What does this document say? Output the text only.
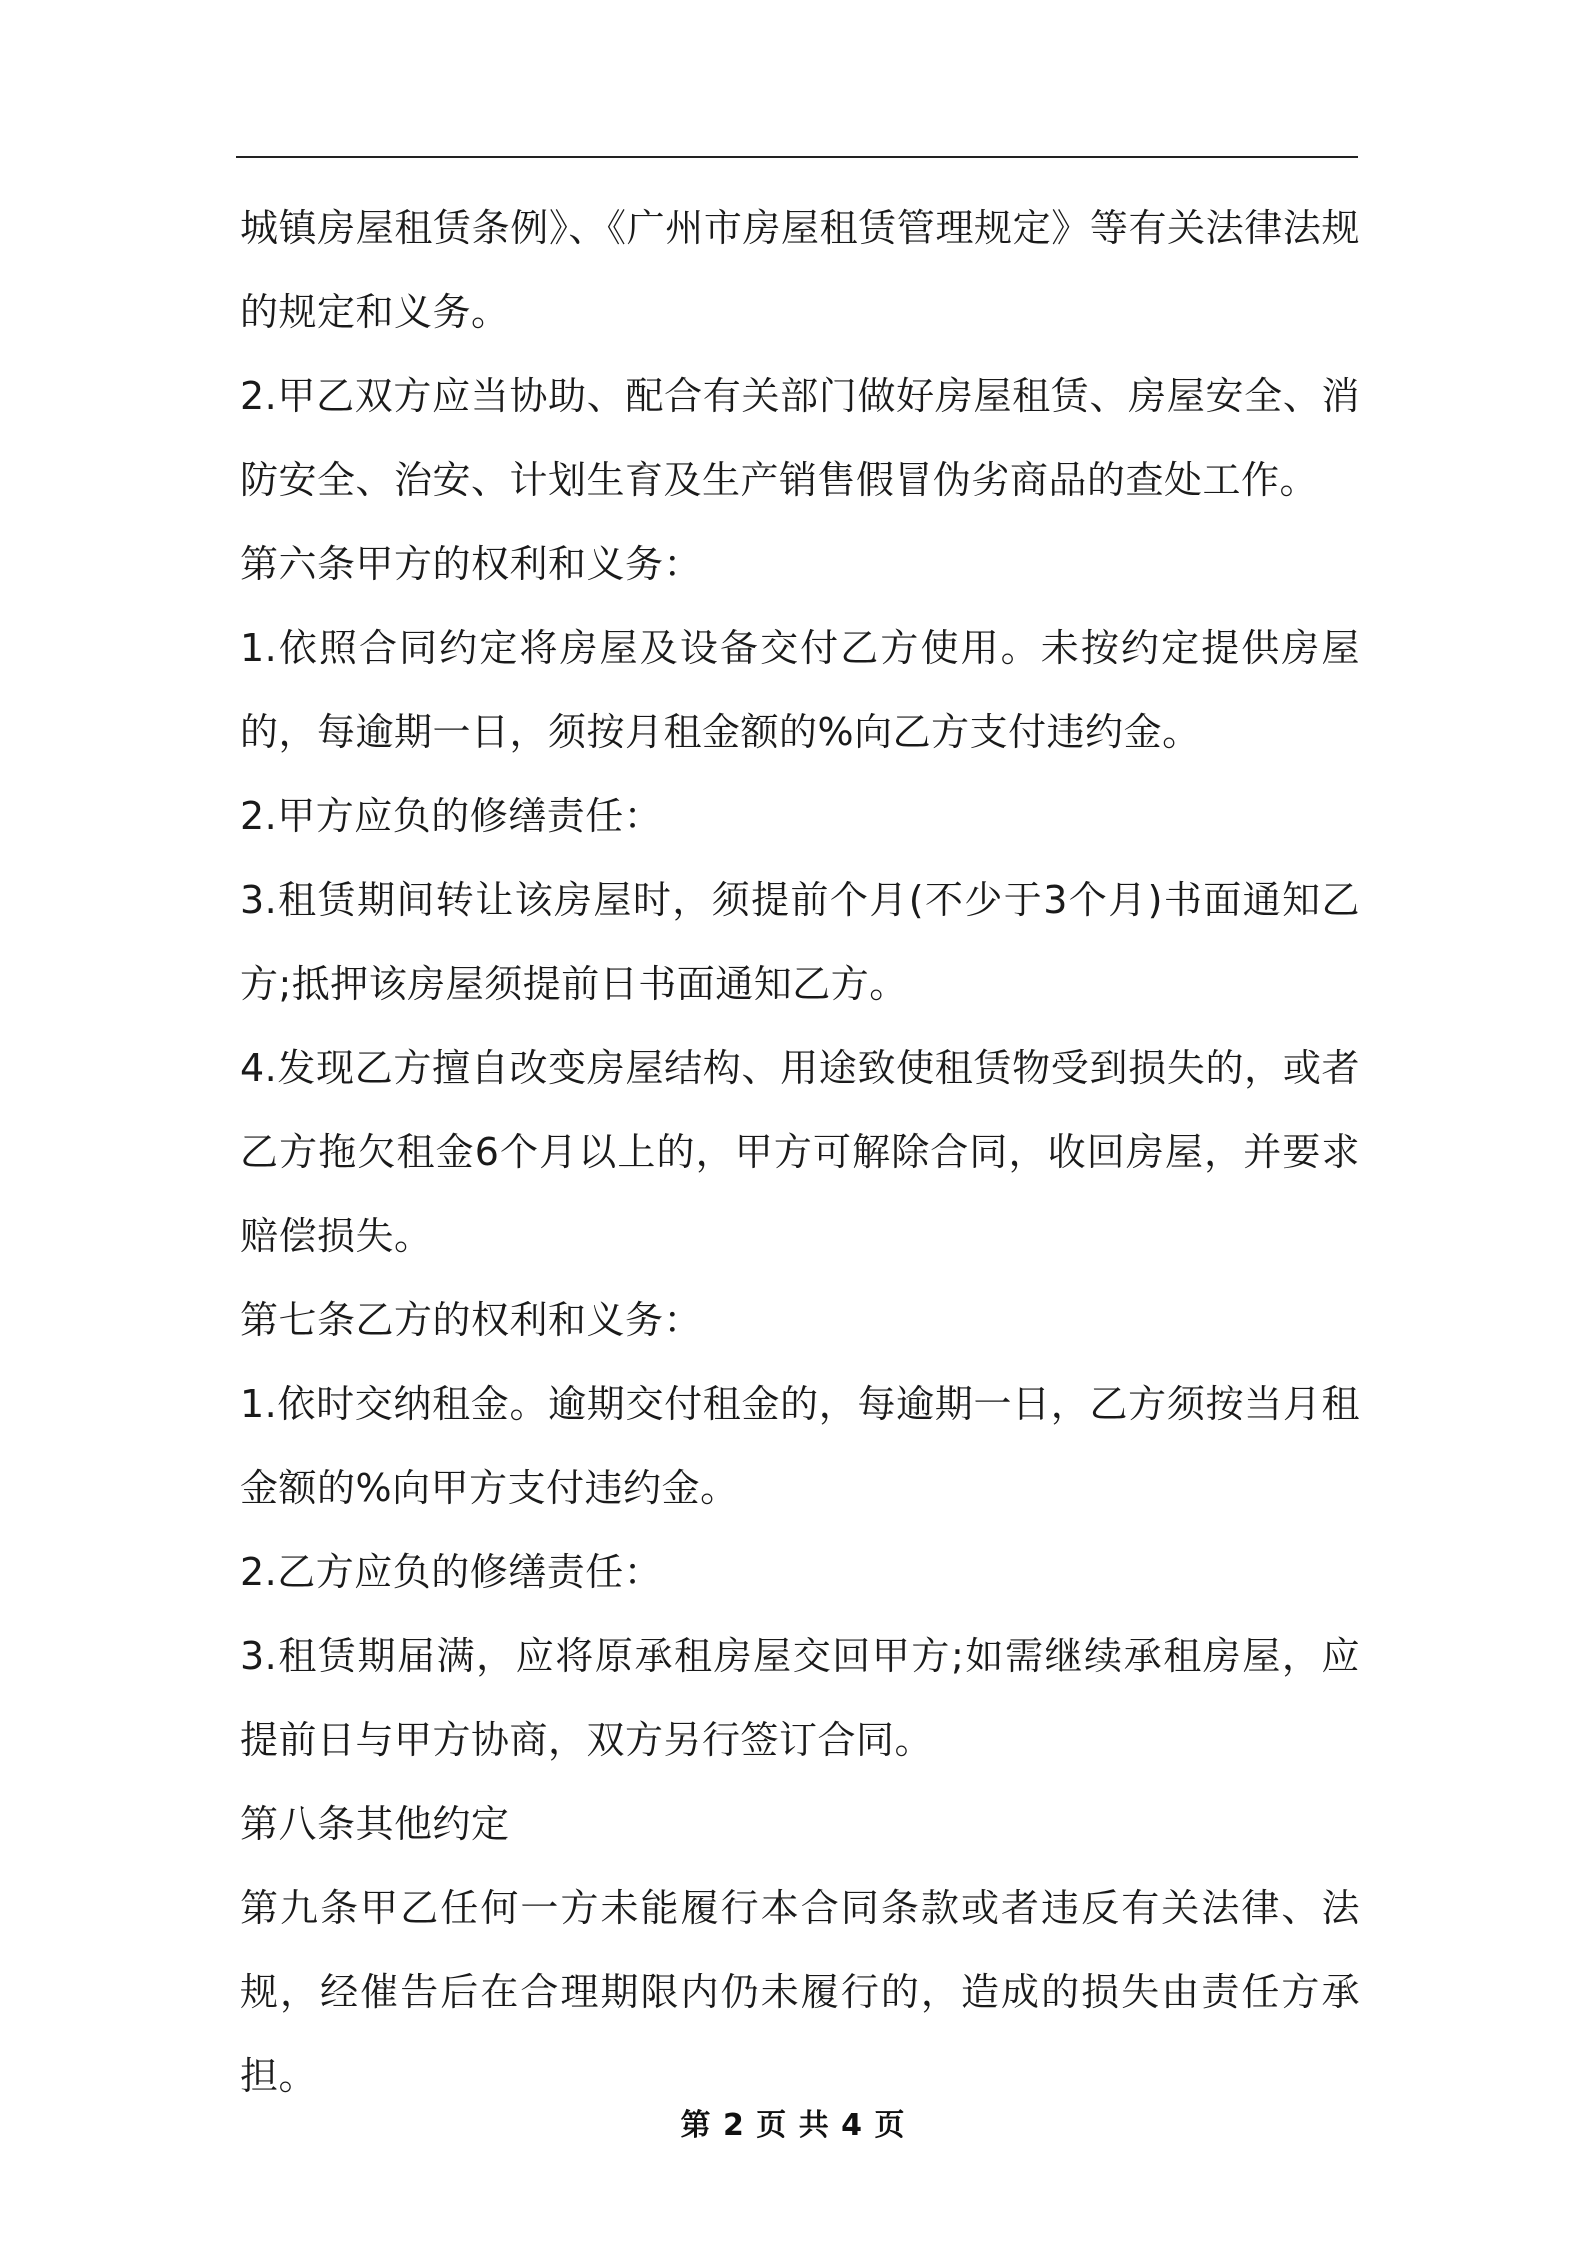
城镇房屋租赁条例》、《广州市房屋租赁管理规定》等有关法律法规的规定和义务。

2.甲乙双方应当协助、配合有关部门做好房屋租赁、房屋安全、消防安全、治安、计划生育及生产销售假冒伪劣商品的查处工作。

第六条甲方的权利和义务：

1.依照合同约定将房屋及设备交付乙方使用。未按约定提供房屋的，每逾期一日，须按月租金额的%向乙方支付违约金。

2.甲方应负的修缮责任：

3.租赁期间转让该房屋时，须提前个月(不少于3个月)书面通知乙方;抵押该房屋须提前日书面通知乙方。

4.发现乙方擅自改变房屋结构、用途致使租赁物受到损失的，或者乙方拖欠租金6个月以上的，甲方可解除合同，收回房屋，并要求赔偿损失。

第七条乙方的权利和义务：

1.依时交纳租金。逾期交付租金的，每逾期一日，乙方须按当月租金额的%向甲方支付违约金。

2.乙方应负的修缮责任：

3.租赁期届满，应将原承租房屋交回甲方;如需继续承租房屋，应提前日与甲方协商，双方另行签订合同。

第八条其他约定

第九条甲乙任何一方未能履行本合同条款或者违反有关法律、法规，经催告后在合理期限内仍未履行的，造成的损失由责任方承担。

第 2 页 共 4 页
